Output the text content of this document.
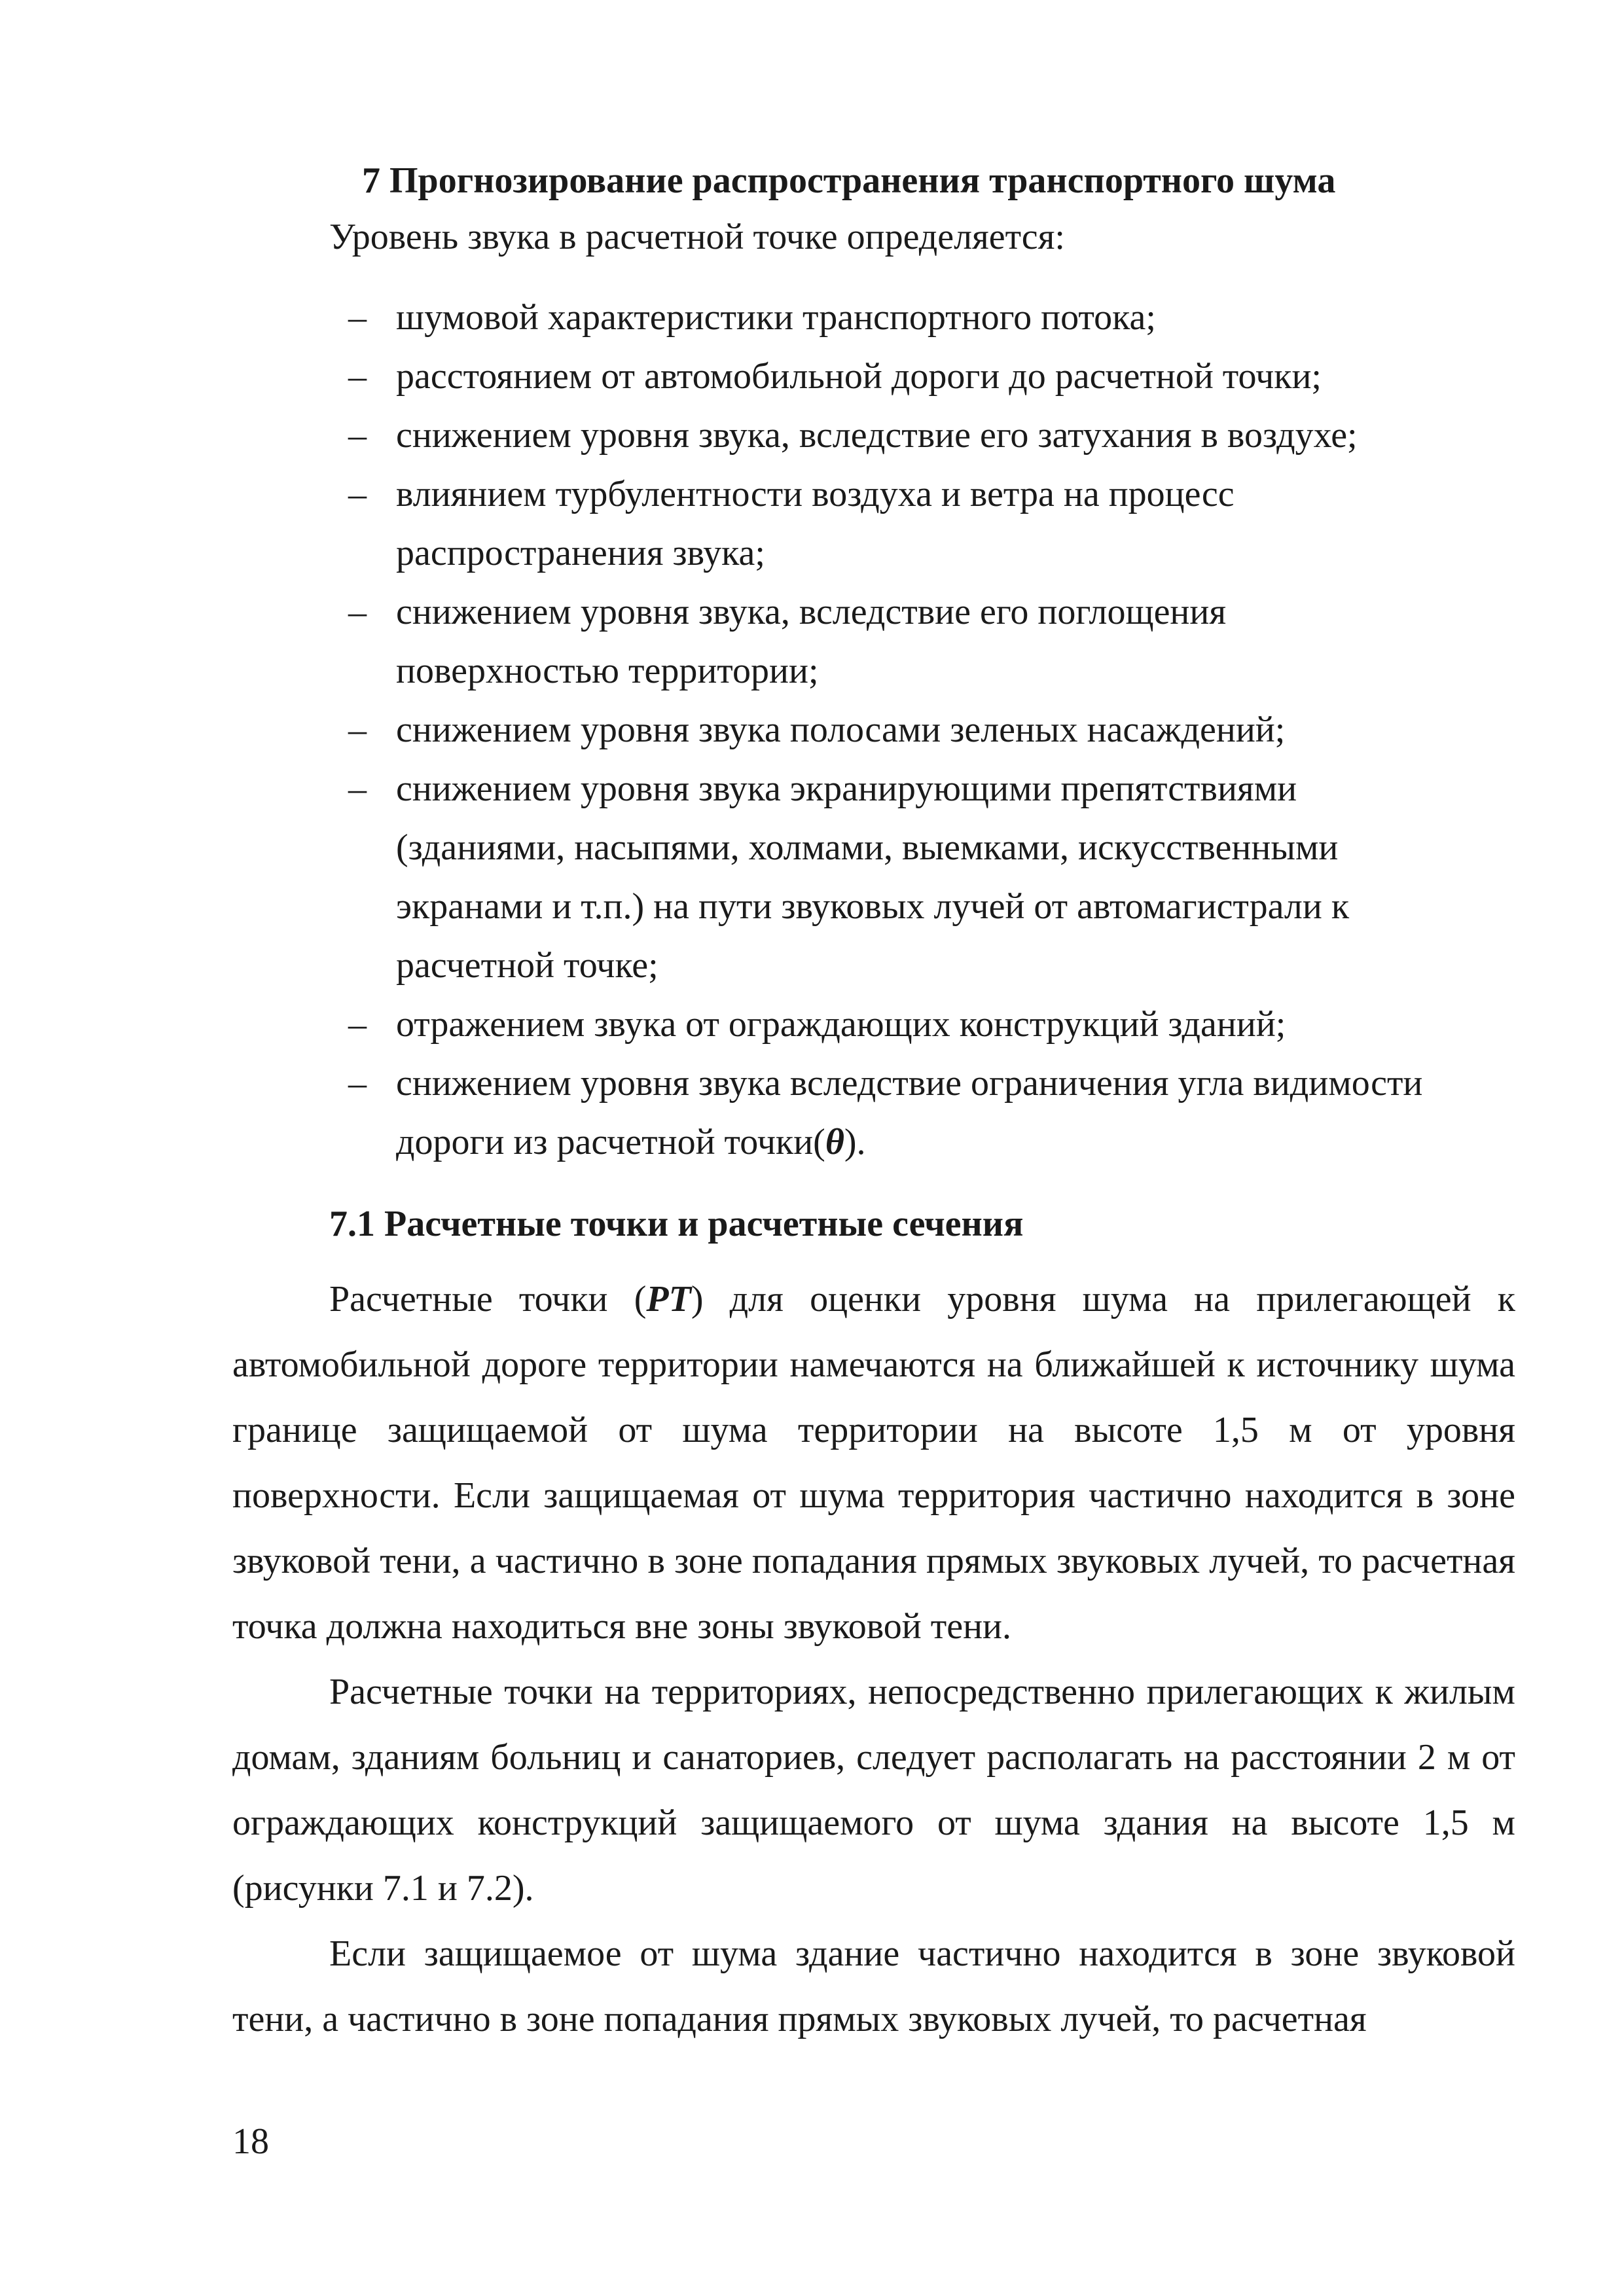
7 Прогнозирование распространения транспортного шума
Уровень звука в расчетной точке определяется:
– шумовой характеристики транспортного потока;
– расстоянием от автомобильной дороги до расчетной точки;
– снижением уровня звука, вследствие его затухания в воздухе;
– влиянием турбулентности воздуха и ветра на процесс распространения звука;
– снижением уровня звука, вследствие его поглощения поверхностью территории;
– снижением уровня звука полосами зеленых насаждений;
– снижением уровня звука экранирующими препятствиями (зданиями, насыпями, холмами, выемками, искусственными экранами и т.п.) на пути звуковых лучей от автомагистрали к расчетной точке;
– отражением звука от ограждающих конструкций зданий;
– снижением уровня звука вследствие ограничения угла видимости дороги из расчетной точки(θ).
7.1 Расчетные точки и расчетные сечения

Расчетные точки (РТ) для оценки уровня шума на прилегающей к автомобильной дороге территории намечаются на ближайшей к источнику шума границе защищаемой от шума территории на высоте 1,5 м от уровня поверхности. Если защищаемая от шума территория частично находится в зоне звуковой тени, а частично в зоне попадания прямых звуковых лучей, то расчетная точка должна находиться вне зоны звуковой тени.

Расчетные точки на территориях, непосредственно прилегающих к жилым домам, зданиям больниц и санаториев, следует располагать на расстоянии 2 м от ограждающих конструкций защищаемого от шума здания на высоте 1,5 м (рисунки 7.1 и 7.2).

Если защищаемое от шума здание частично находится в зоне звуковой тени, а частично в зоне попадания прямых звуковых лучей, то расчетная

18
